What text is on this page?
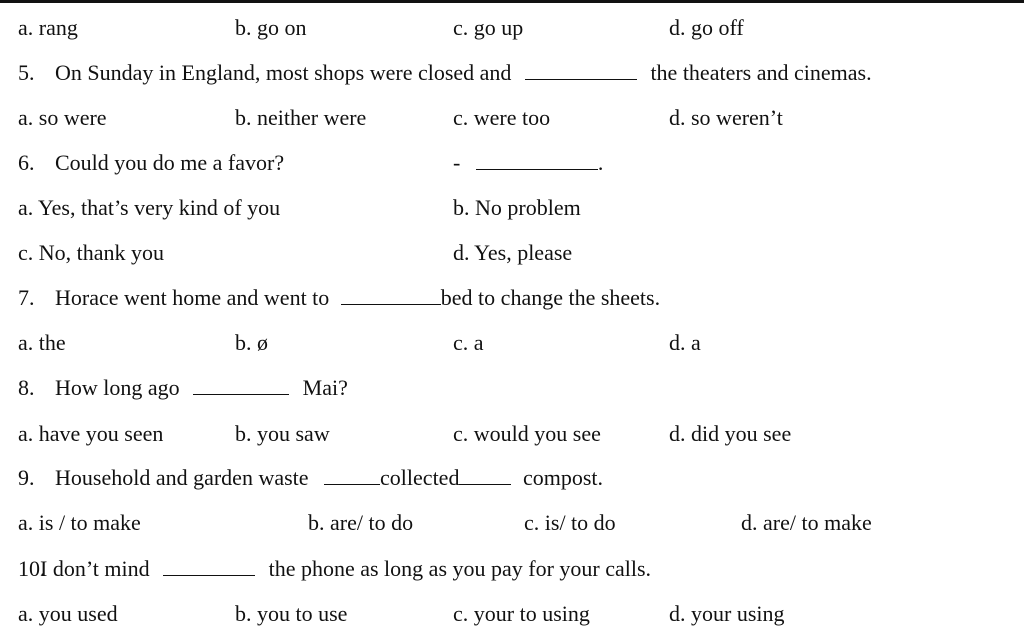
a. rang	b. go on	c. go up	d. go off
5. On Sunday in England, most shops were closed and	the theaters and cinemas.
a. so were	b. neither were	c. were too	d. so weren’t
6. Could you do me a favor?	-	.
a. Yes, that’s very kind of you	b. No problem
c. No, thank you	d. Yes, please
7. Horace went home and went to	bed to change the sheets.
a. the	b. ø	c. a	d. a
8. How long ago	Mai?
a. have you seen	b. you saw	c. would you see	d. did you see
9. Household and garden waste	collected	compost.
a. is / to make	b. are/ to do	c. is/ to do	d. are/ to make
10.
I don’t mind	the phone as long as you pay for your calls.
a. you used	b. you to use	c. your to using	d. your using
